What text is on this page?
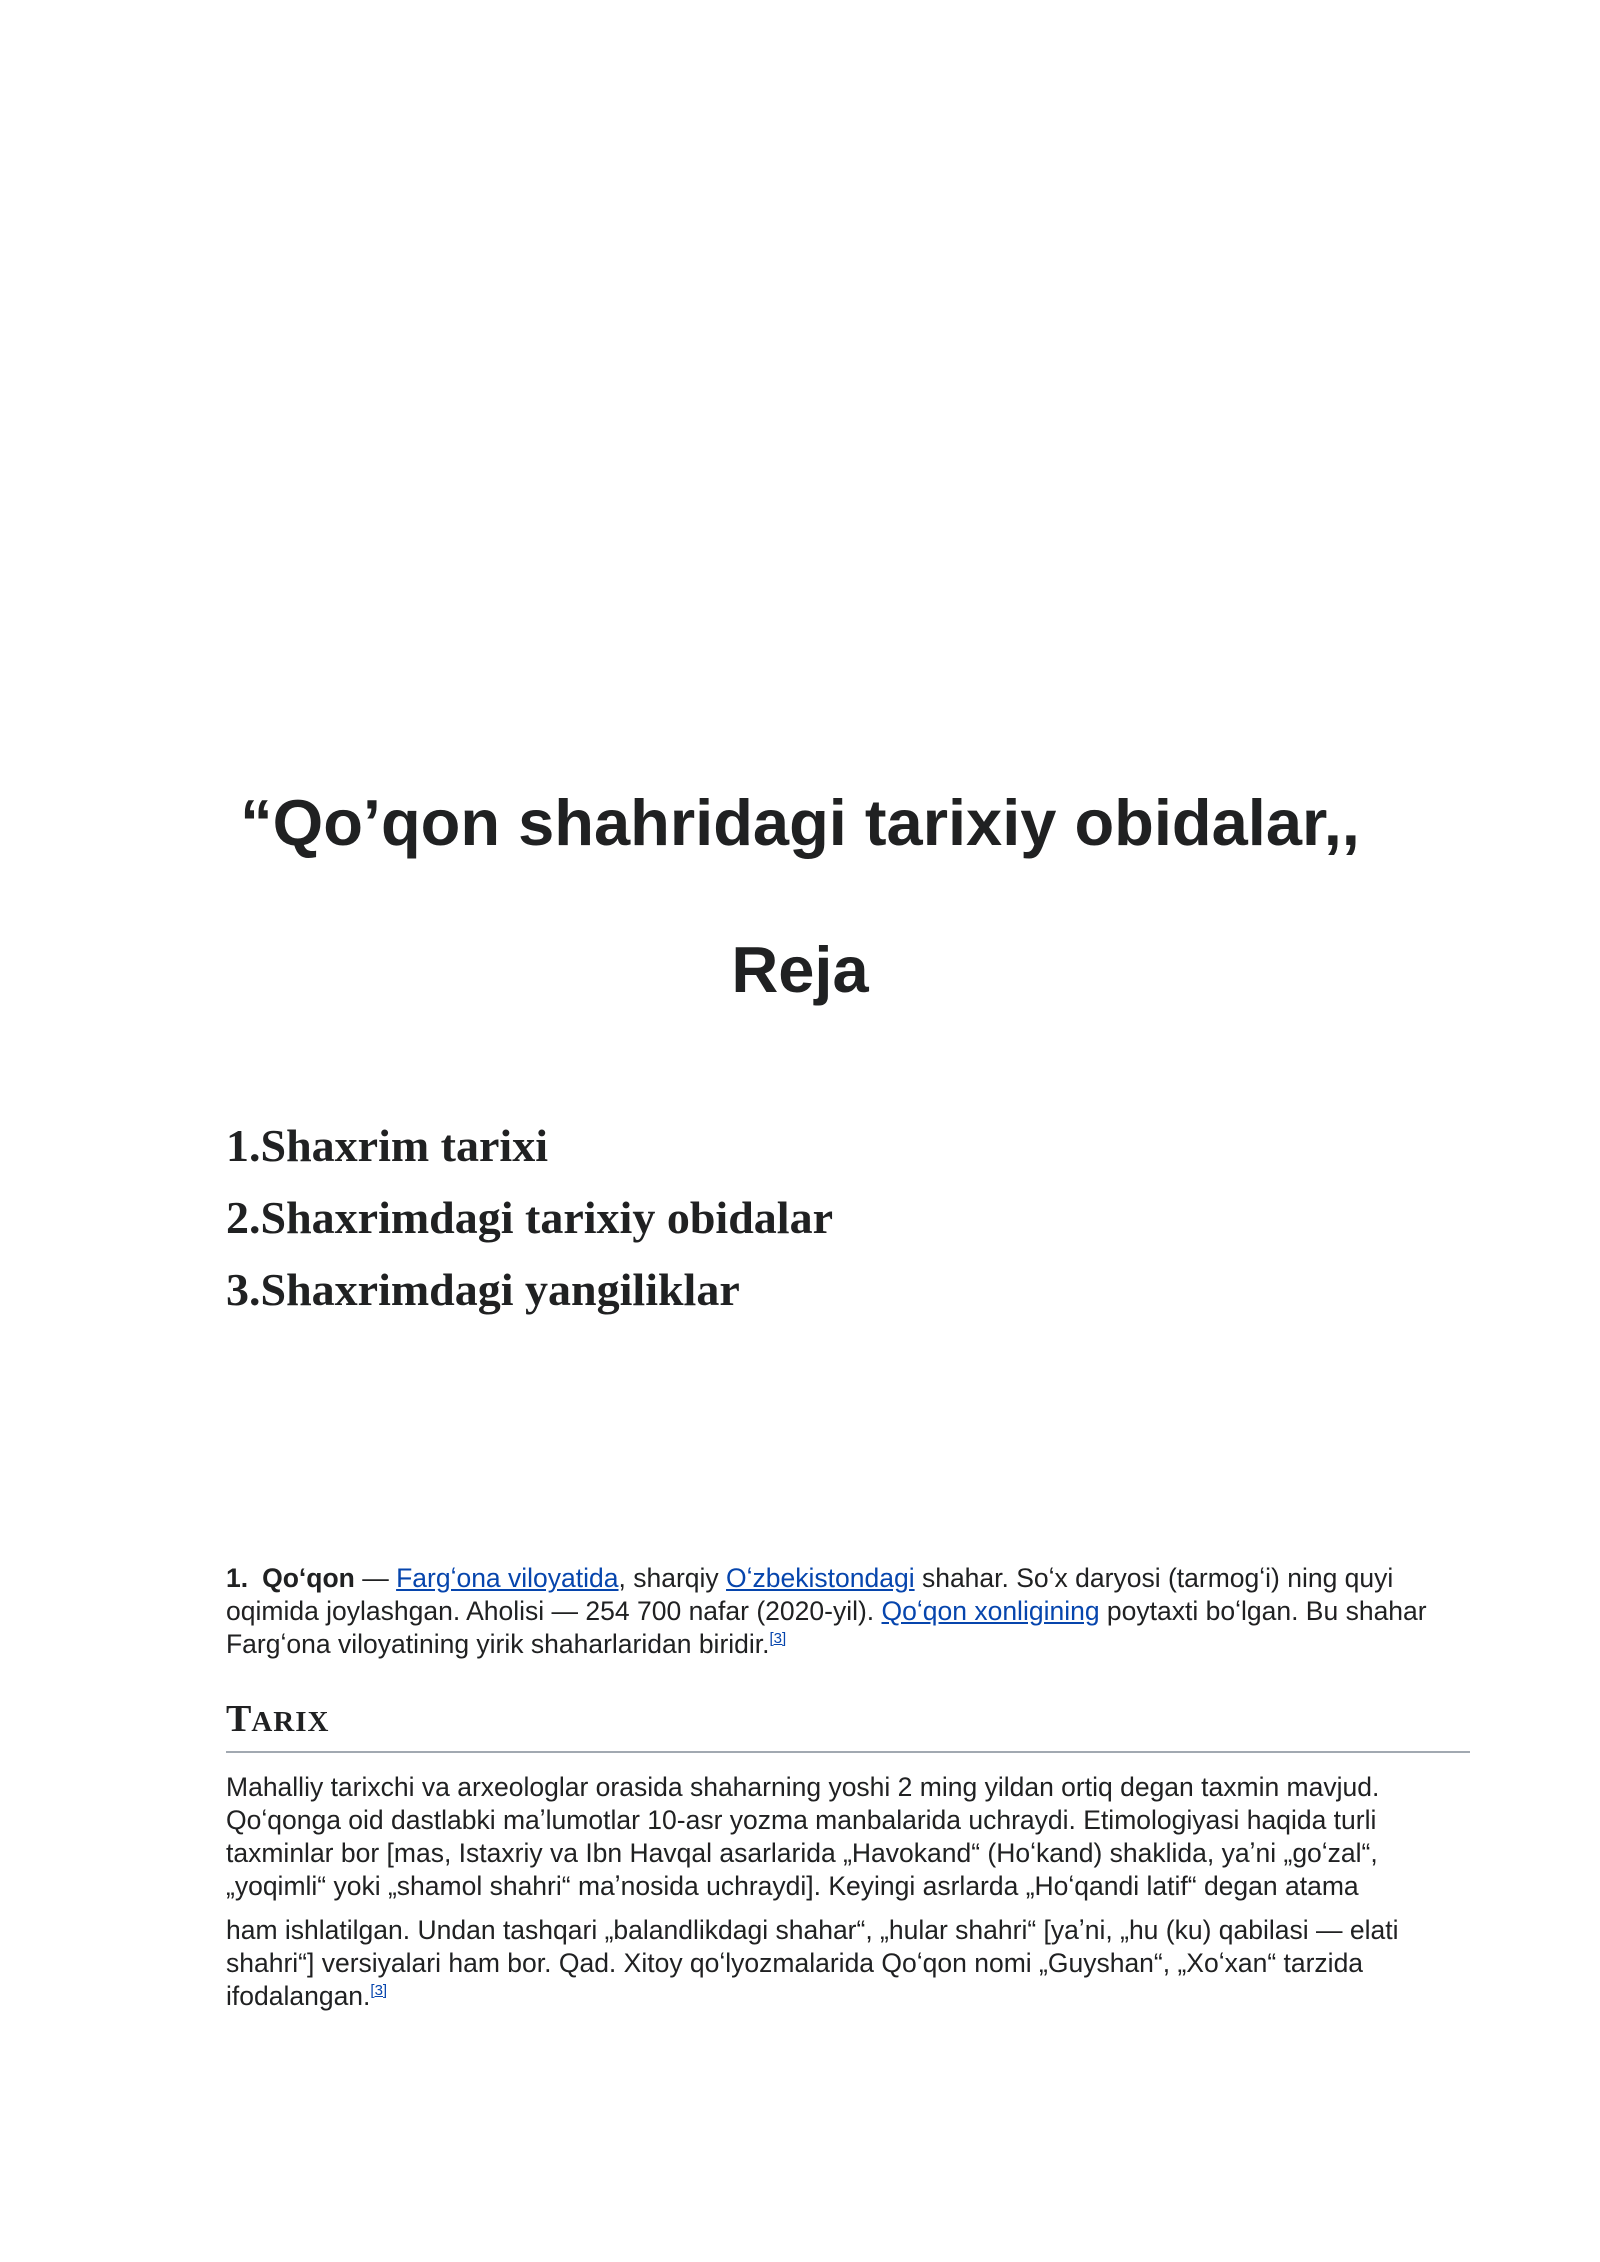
“Qo’qon shahridagi tarixiy obidalar,,
Reja
1.Shaxrim tarixi
2.Shaxrimdagi tarixiy obidalar
3.Shaxrimdagi yangiliklar

1. Qoʻqon — Fargʻona viloyatida, sharqiy Oʻzbekistondagi shahar. Soʻx daryosi (tarmogʻi) ning quyi oqimida joylashgan. Aholisi — 254 700 nafar (2020-yil). Qoʻqon xonligining poytaxti boʻlgan. Bu shahar Fargʻona viloyatining yirik shaharlaridan biridir.[3]

TARIX

Mahalliy tarixchi va arxeologlar orasida shaharning yoshi 2 ming yildan ortiq degan taxmin mavjud. Qoʻqonga oid dastlabki maʼlumotlar 10-asr yozma manbalarida uchraydi. Etimologiyasi haqida turli taxminlar bor [mas, Istaxriy va Ibn Havqal asarlarida „Havokand“ (Hoʻkand) shaklida, yaʼni „goʻzal“, „yoqimli“ yoki „shamol shahri“ maʼnosida uchraydi]. Keyingi asrlarda „Hoʻqandi latif“ degan atama

ham ishlatilgan. Undan tashqari „balandlikdagi shahar“, „hular shahri“ [yaʼni, „hu (ku) qabilasi — elati shahri“] versiyalari ham bor. Qad. Xitoy qoʻlyozmalarida Qoʻqon nomi „Guyshan“, „Xoʻxan“ tarzida ifodalangan.[3]
